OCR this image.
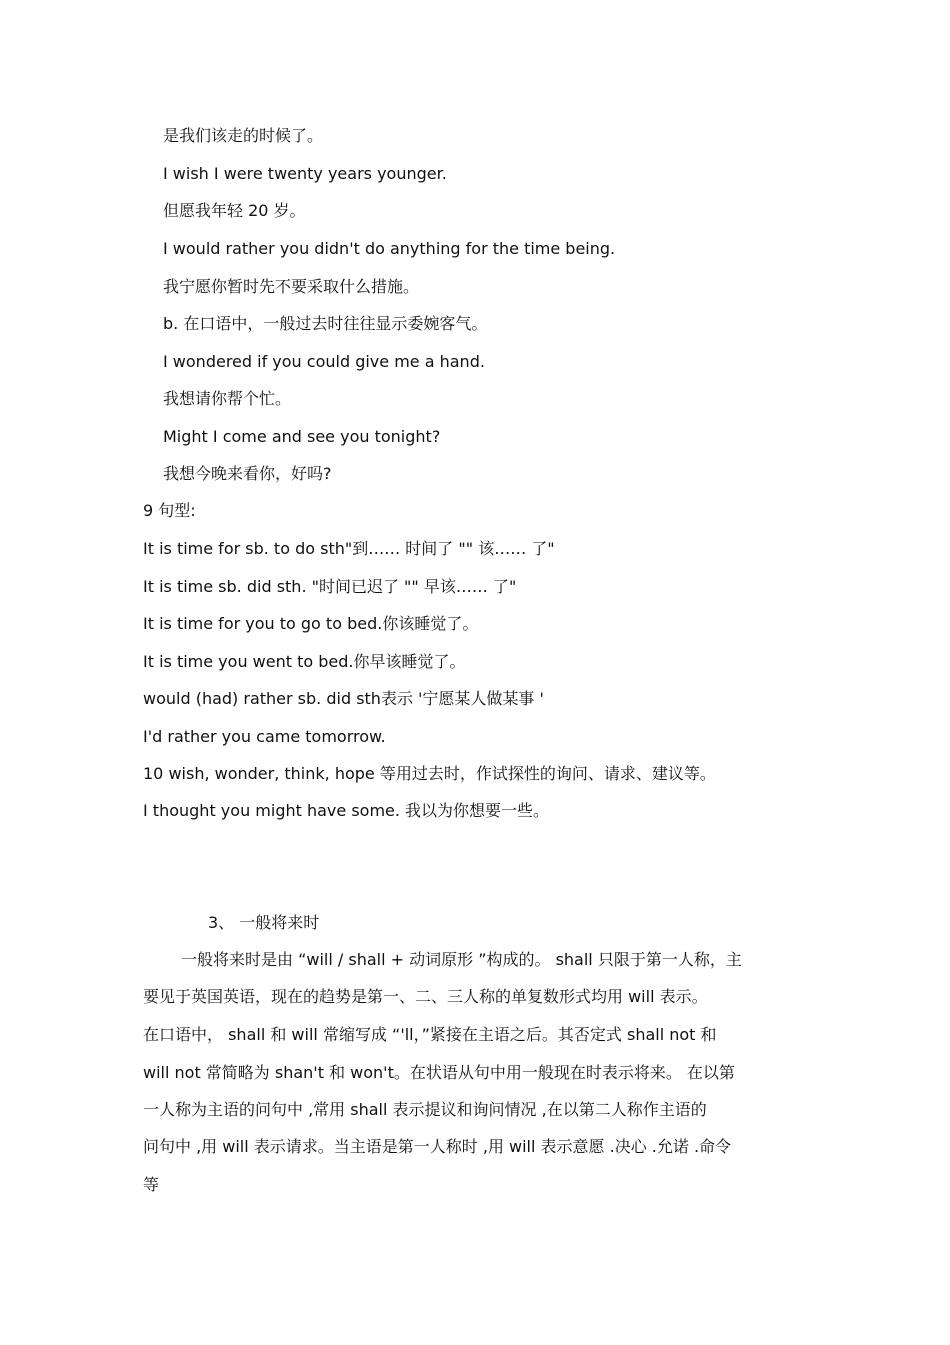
是我们该走的时候了。
I wish I were twenty years younger.
但愿我年轻 20 岁。
I would rather you didn't do anything for the time being.
我宁愿你暂时先不要采取什么措施。
b. 在口语中，一般过去时往往显示委婉客气。
I wondered if you could give me a hand.
我想请你帮个忙。
Might I come and see you tonight?
我想今晚来看你，好吗?
9 句型:
It is time for sb. to do sth"到…… 时间了 "" 该…… 了"
It is time sb. did sth. "时间已迟了 "" 早该…… 了"
It is time for you to go to bed.你该睡觉了。
It is time you went to bed.你早该睡觉了。
would (had) rather sb. did sth表示 '宁愿某人做某事 '
I'd rather you came tomorrow.
10 wish, wonder, think, hope 等用过去时，作试探性的询问、请求、建议等。
I thought you might have some. 我以为你想要一些。
3、 一般将来时
一般将来时是由 “will / shall + 动词原形 ”构成的。 shall 只限于第一人称，主
要见于英国英语，现在的趋势是第一、二、三人称的单复数形式均用 will 表示。
在口语中， shall 和 will 常缩写成 “'ll，”紧接在主语之后。其否定式 shall not 和
will not 常简略为 shan't 和 won't。在状语从句中用一般现在时表示将来。 在以第
一人称为主语的问句中 ,常用 shall 表示提议和询问情况 ,在以第二人称作主语的
问句中 ,用 will 表示请求。当主语是第一人称时 ,用 will 表示意愿 .决心 .允诺 .命令
等
